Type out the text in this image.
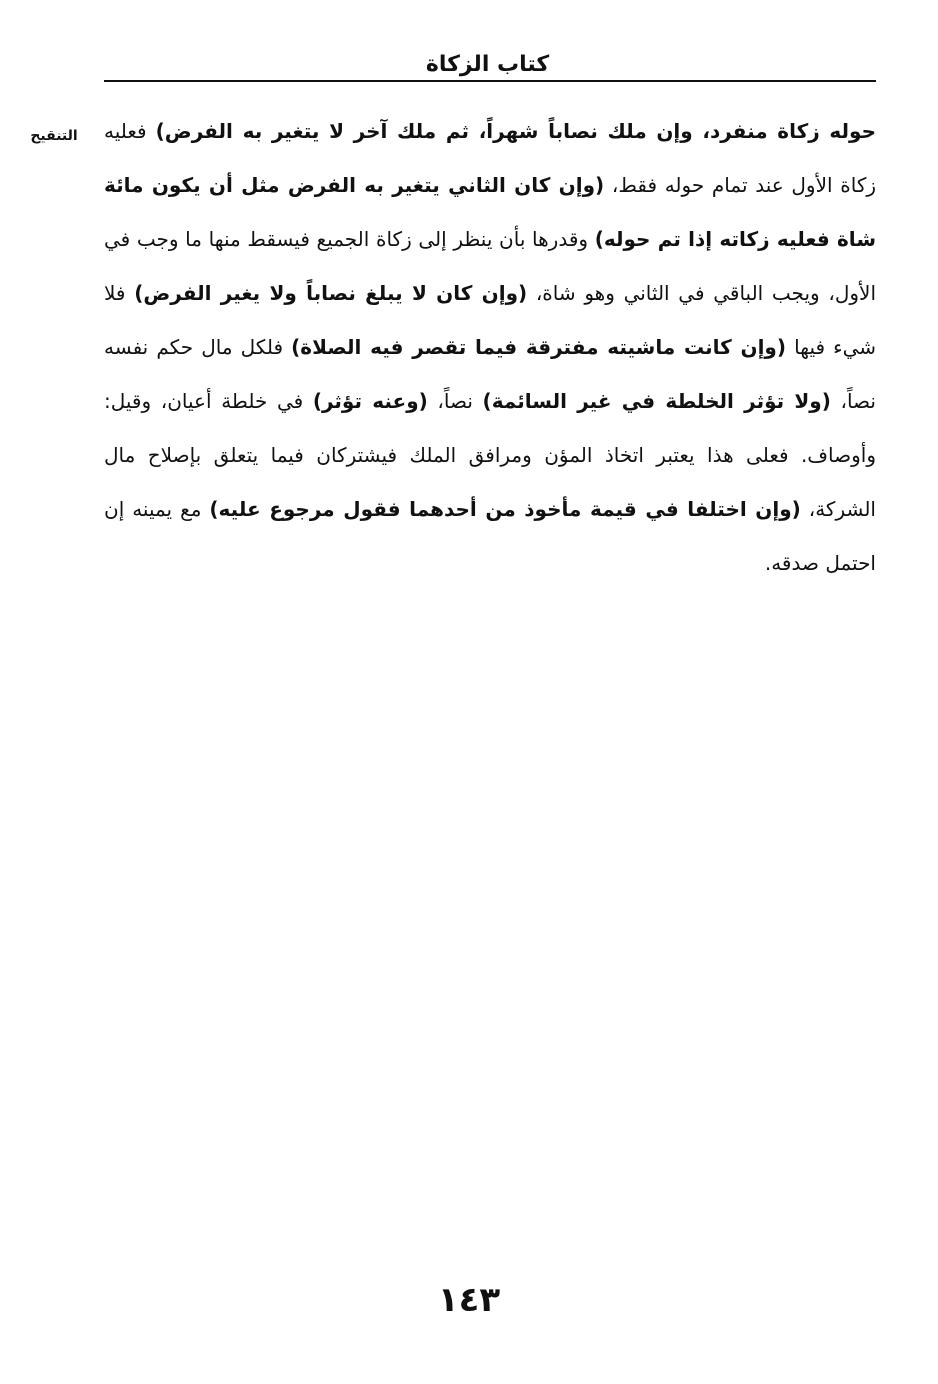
كتاب الزكاة
التنقيح	حوله زكاة منفرد، وإن ملك نصاباً شهراً، ثم ملك آخر لا يتغير به الفرض) فعليه زكاة الأول عند تمام حوله فقط، (وإن كان الثاني يتغير به الفرض مثل أن يكون مائة شاة فعليه زكاته إذا تم حوله) وقدرها بأن ينظر إلى زكاة الجميع فيسقط منها ما وجب في الأول، ويجب الباقي في الثاني وهو شاة، (وإن كان لا يبلغ نصاباً ولا يغير الفرض) فلا شيء فيها (وإن كانت ماشيته مفترقة فيما تقصر فيه الصلاة) فلكل مال حكم نفسه نصاً، (ولا تؤثر الخلطة في غير السائمة) نصاً، (وعنه تؤثر) في خلطة أعيان، وقيل: وأوصاف. فعلى هذا يعتبر اتخاذ المؤن ومرافق الملك فيشتركان فيما يتعلق بإصلاح مال الشركة، (وإن اختلفا في قيمة مأخوذ من أحدهما فقول مرجوع عليه) مع يمينه إن احتمل صدقه.
١٤٣
